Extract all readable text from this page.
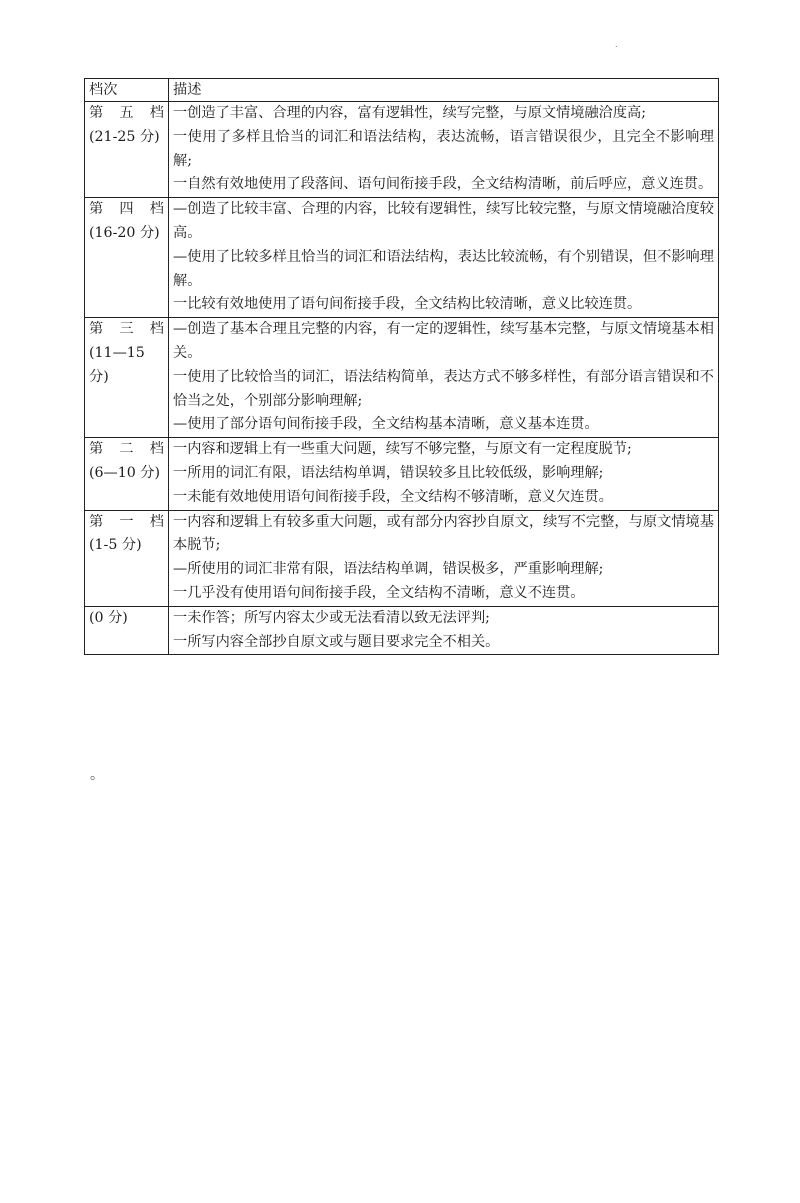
.
档次	描述

第 五 档
(21-25 分)	一创造了丰富、合理的内容，富有逻辑性，续写完整，与原文情境融洽度高;
一使用了多样且恰当的词汇和语法结构，表达流畅，语言错误很少，且完全不影响理解;
一自然有效地使用了段落间、语句间衔接手段，全文结构清晰，前后呼应，意义连贯。

第 四 档
(16-20 分)	—创造了比较丰富、合理的内容，比较有逻辑性，续写比较完整，与原文情境融洽度较高。
—使用了比较多样且恰当的词汇和语法结构，表达比较流畅，有个别错误，但不影响理解。
一比较有效地使用了语句间衔接手段，全文结构比较清晰，意义比较连贯。

第 三 档
(11—15 分)	—创造了基本合理且完整的内容，有一定的逻辑性，续写基本完整，与原文情境基本相关。
一使用了比较恰当的词汇，语法结构简单，表达方式不够多样性，有部分语言错误和不恰当之处，个别部分影响理解;
—使用了部分语句间衔接手段，全文结构基本清晰，意义基本连贯。

第 二 档
(6—10 分)	一内容和逻辑上有一些重大问题，续写不够完整，与原文有一定程度脱节;
一所用的词汇有限，语法结构单调，错误较多且比较低级，影响理解;
一未能有效地使用语句间衔接手段，全文结构不够清晰，意义欠连贯。

第 一 档
(1-5 分)	一内容和逻辑上有较多重大问题，或有部分内容抄自原文，续写不完整，与原文情境基本脱节;
—所使用的词汇非常有限，语法结构单调，错误极多，严重影响理解;
一几乎没有使用语句间衔接手段，全文结构不清晰，意义不连贯。

(0 分)	一未作答；所写内容太少或无法看清以致无法评判;
一所写内容全部抄自原文或与题目要求完全不相关。
。
